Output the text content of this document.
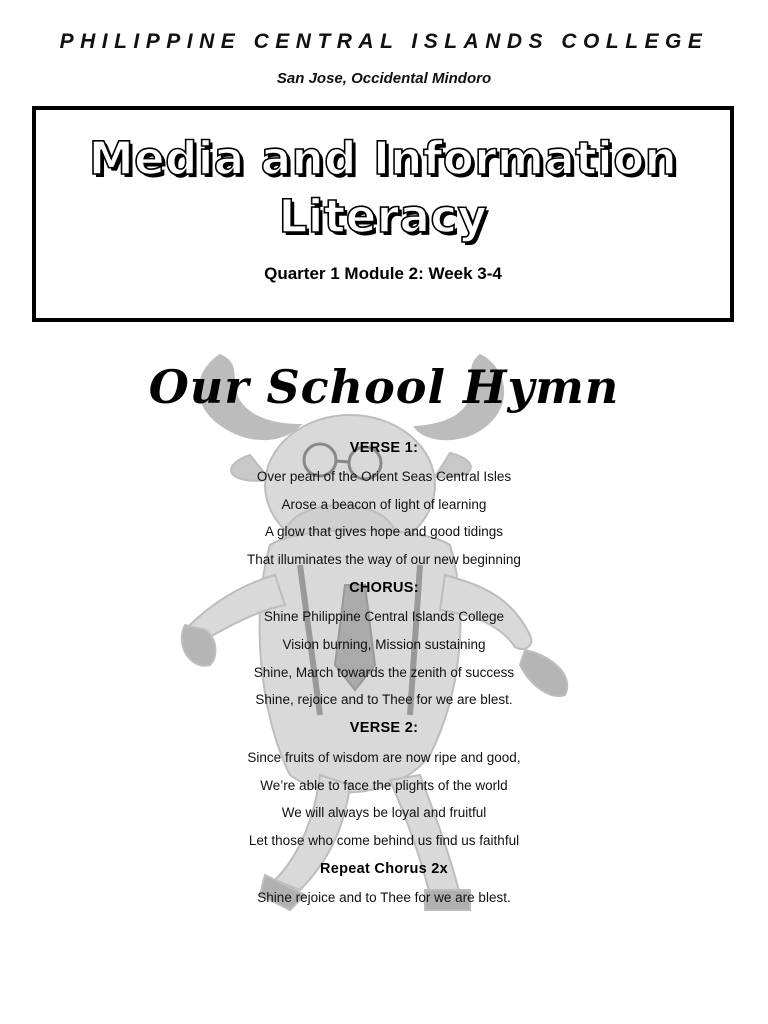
PHILIPPINE CENTRAL ISLANDS COLLEGE
San Jose, Occidental Mindoro
Media and Information
Literacy
Quarter 1 Module 2: Week 3-4
Our School Hymn
VERSE 1:
Over pearl of the Orient Seas Central Isles
Arose a beacon of light of learning
A glow that gives hope and good tidings
That illuminates the way of our new beginning
CHORUS:
Shine Philippine Central Islands College
Vision burning, Mission sustaining
Shine, March towards the zenith of success
Shine, rejoice and to Thee for we are blest.
VERSE 2:
Since fruits of wisdom are now ripe and good,
We’re able to face the plights of the world
We will always be loyal and fruitful
Let those who come behind us find us faithful
Repeat Chorus 2x
Shine rejoice and to Thee for we are blest.
